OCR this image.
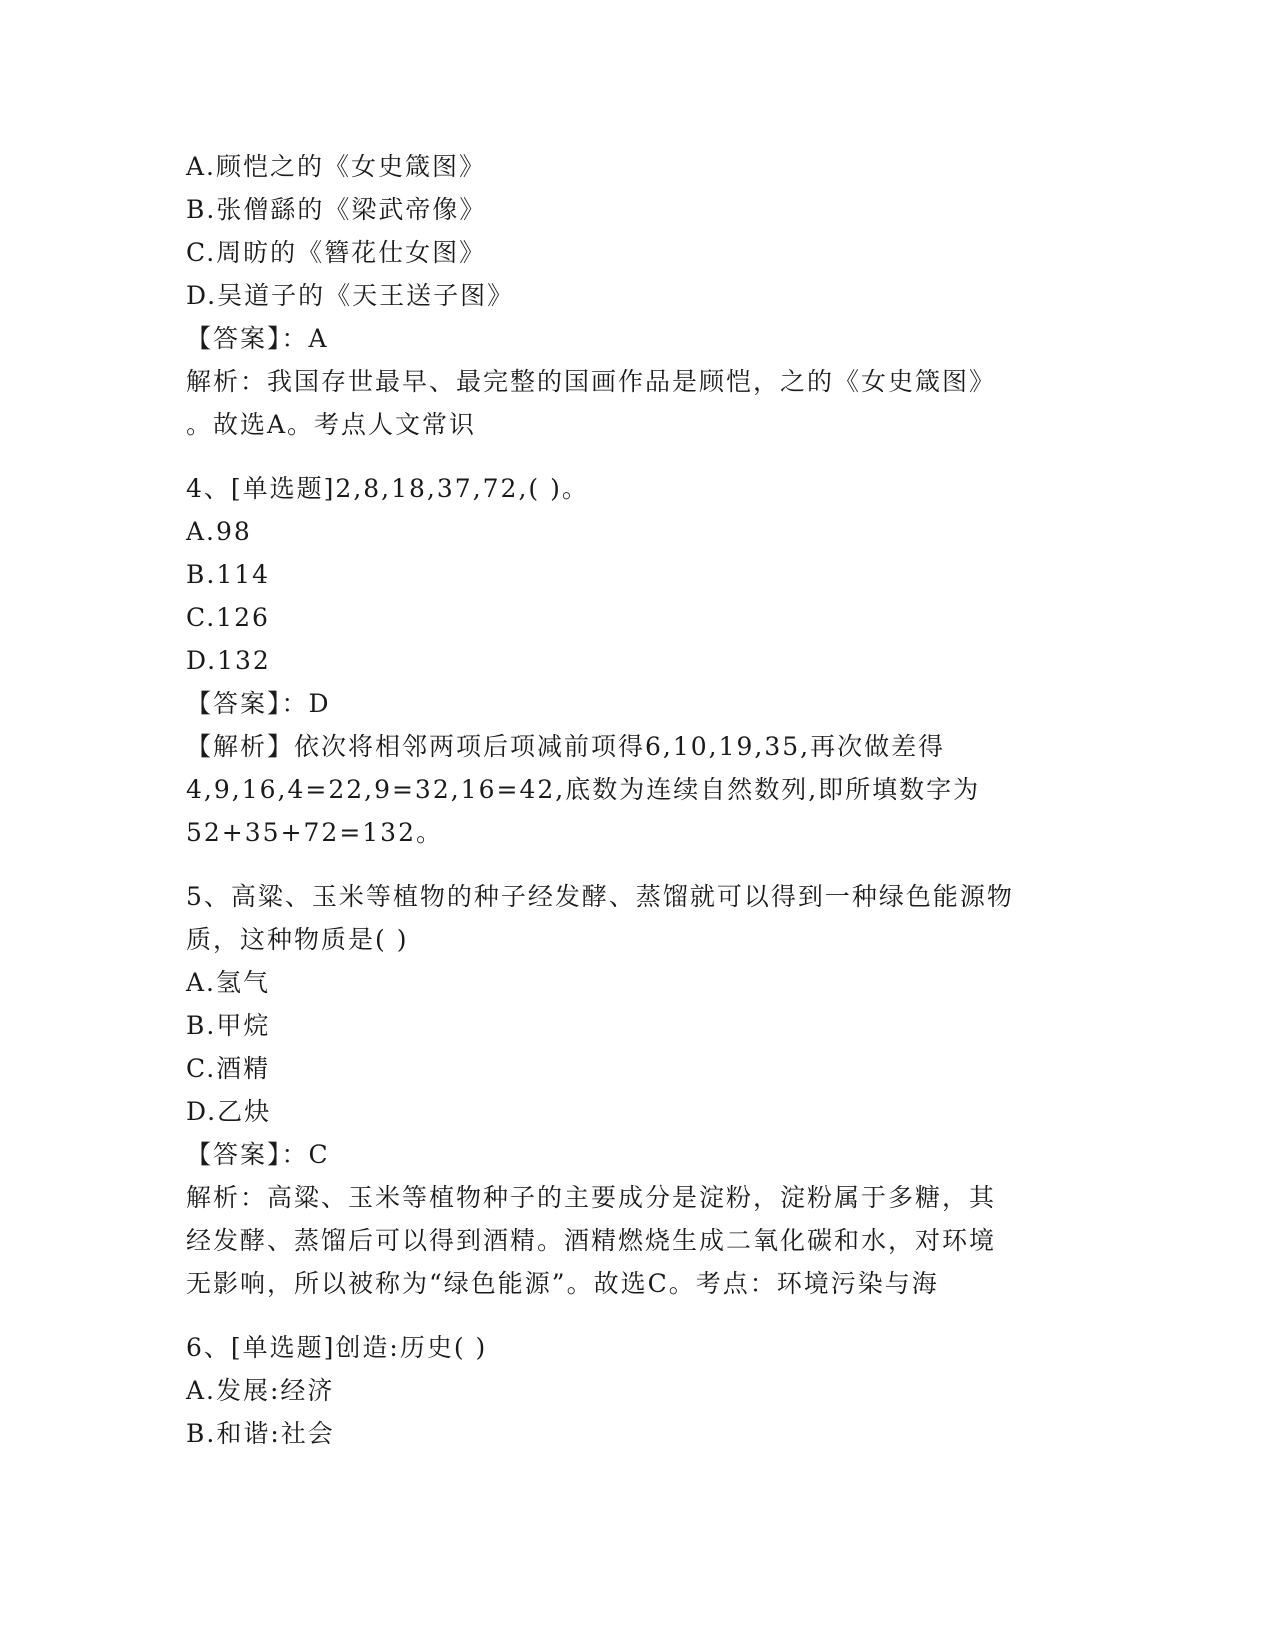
A.顾恺之的《女史箴图》
B.张僧繇的《梁武帝像》
C.周昉的《簪花仕女图》
D.吴道子的《天王送子图》
【答案】：A
解析：我国存世最早、最完整的国画作品是顾恺，之的《女史箴图》
。故选A。考点人文常识
4、[单选题]2,8,18,37,72,( )。
A.98
B.114
C.126
D.132
【答案】：D
【解析】依次将相邻两项后项减前项得6,10,19,35,再次做差得
4,9,16,4=22,9=32,16=42,底数为连续自然数列,即所填数字为
52+35+72=132。
5、高粱、玉米等植物的种子经发酵、蒸馏就可以得到一种绿色能源物
质，这种物质是( )
A.氢气
B.甲烷
C.酒精
D.乙炔
【答案】：C
解析：高粱、玉米等植物种子的主要成分是淀粉，淀粉属于多糖，其
经发酵、蒸馏后可以得到酒精。酒精燃烧生成二氧化碳和水，对环境
无影响，所以被称为“绿色能源”。故选C。考点：环境污染与海
6、[单选题]创造:历史( )
A.发展:经济
B.和谐:社会
